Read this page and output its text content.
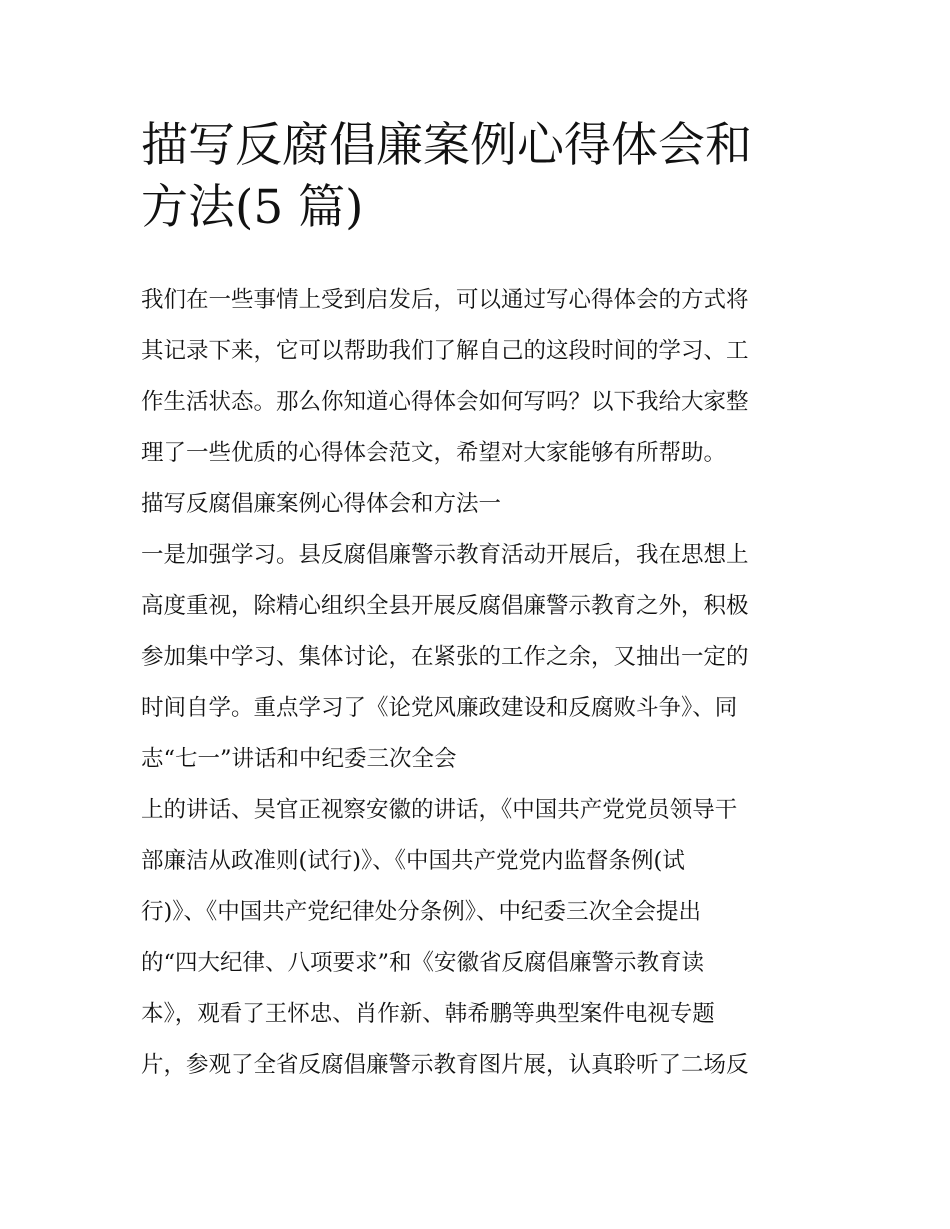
描写反腐倡廉案例心得体会和
方法(5 篇)
我们在一些事情上受到启发后，可以通过写心得体会的方式将
其记录下来，它可以帮助我们了解自己的这段时间的学习、工
作生活状态。那么你知道心得体会如何写吗？以下我给大家整
理了一些优质的心得体会范文，希望对大家能够有所帮助。
描写反腐倡廉案例心得体会和方法一
一是加强学习。县反腐倡廉警示教育活动开展后，我在思想上
高度重视，除精心组织全县开展反腐倡廉警示教育之外，积极
参加集中学习、集体讨论，在紧张的工作之余，又抽出一定的
时间自学。重点学习了《论党风廉政建设和反腐败斗争》、同
志“七一”讲话和中纪委三次全会
上的讲话、吴官正视察安徽的讲话，《中国共产党党员领导干
部廉洁从政准则(试行)》、《中国共产党党内监督条例(试
行)》、《中国共产党纪律处分条例》、中纪委三次全会提出
的“四大纪律、八项要求”和《安徽省反腐倡廉警示教育读
本》，观看了王怀忠、肖作新、韩希鹏等典型案件电视专题
片，参观了全省反腐倡廉警示教育图片展，认真聆听了二场反
